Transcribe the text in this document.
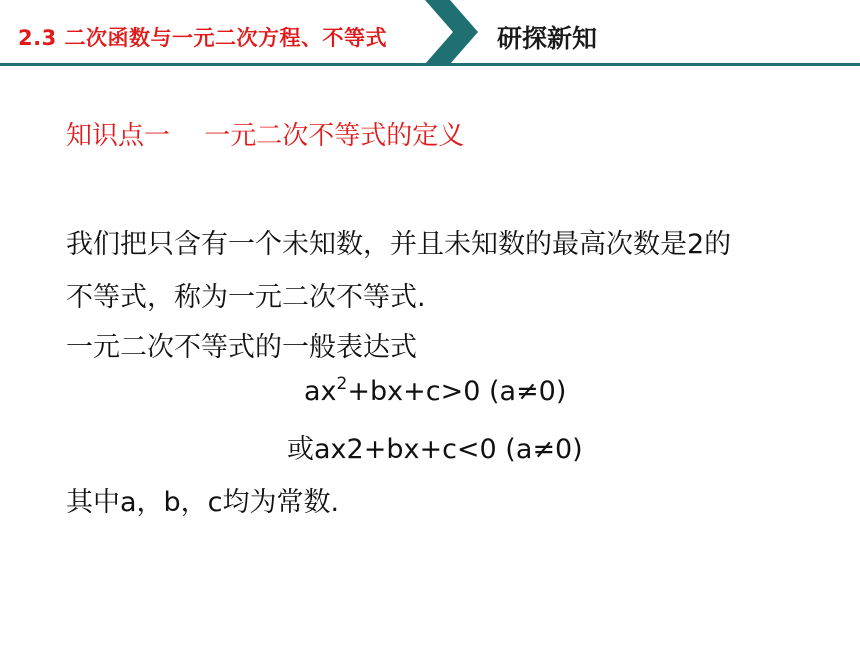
2.3 二次函数与一元二次方程、不等式	研探新知
知识点一　 一元二次不等式的定义
我们把只含有一个未知数，并且未知数的最高次数是2的
不等式，称为一元二次不等式.
一元二次不等式的一般表达式
$ax^2+bx+c>0$ (a≠0)
或ax2+bx+c<0 (a≠0)
其中a，b，c均为常数.
